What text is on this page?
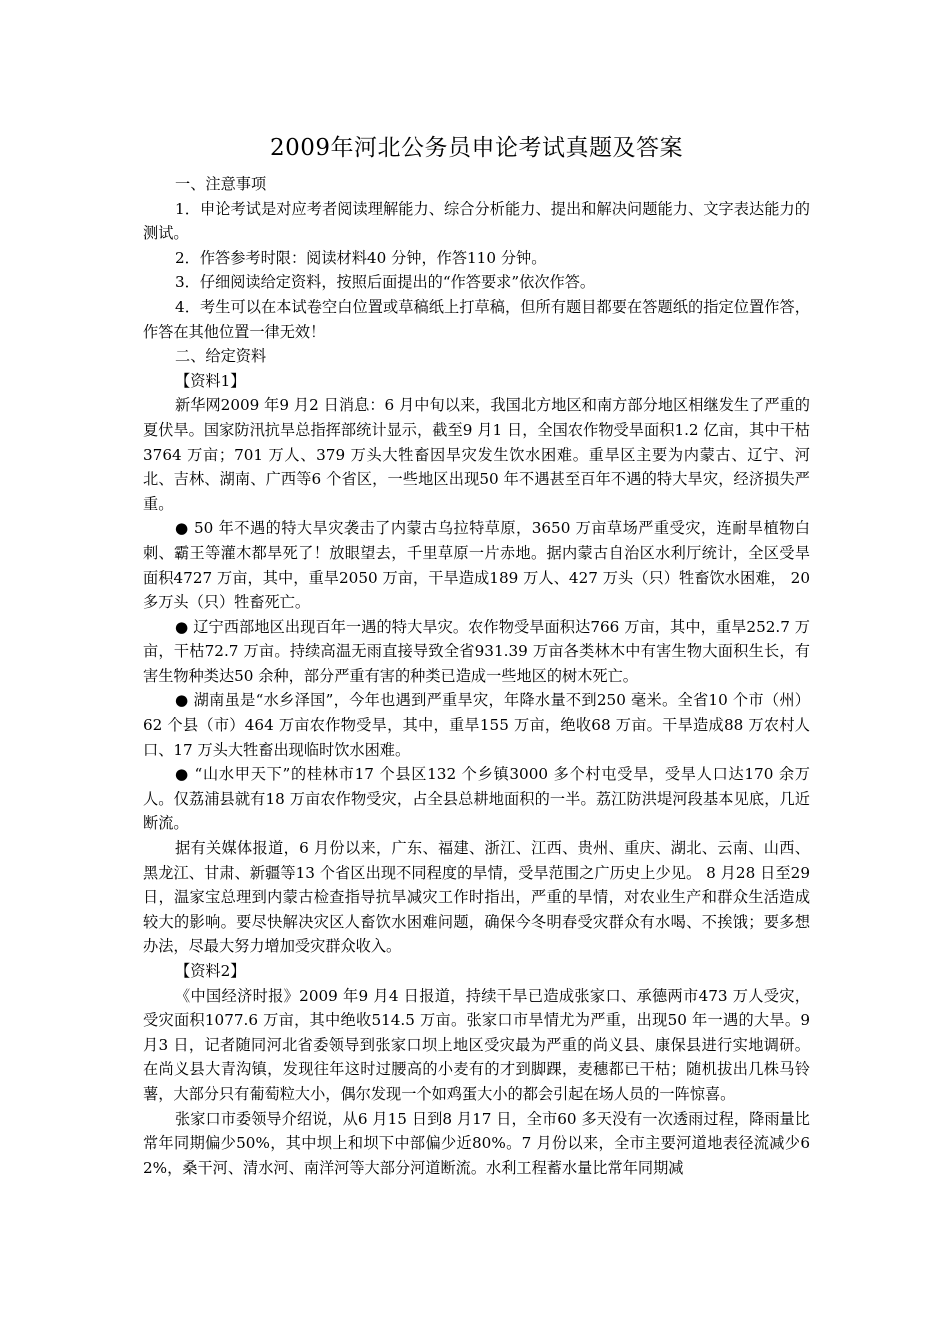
2009年河北公务员申论考试真题及答案

一、注意事项

1．申论考试是对应考者阅读理解能力、综合分析能力、提出和解决问题能力、文字表达能力的测试。

2．作答参考时限：阅读材料40 分钟，作答110 分钟。

3．仔细阅读给定资料，按照后面提出的“作答要求”依次作答。

4．考生可以在本试卷空白位置或草稿纸上打草稿，但所有题目都要在答题纸的指定位置作答，作答在其他位置一律无效！

二、给定资料

【资料1】

新华网2009 年9 月2 日消息：6 月中旬以来，我国北方地区和南方部分地区相继发生了严重的夏伏旱。国家防汛抗旱总指挥部统计显示，截至9 月1 日，全国农作物受旱面积1.2 亿亩，其中干枯3764 万亩；701 万人、379 万头大牲畜因旱灾发生饮水困难。重旱区主要为内蒙古、辽宁、河北、吉林、湖南、广西等6 个省区，一些地区出现50 年不遇甚至百年不遇的特大旱灾，经济损失严重。

● 50 年不遇的特大旱灾袭击了内蒙古乌拉特草原，3650 万亩草场严重受灾，连耐旱植物白刺、霸王等灌木都旱死了！放眼望去，千里草原一片赤地。据内蒙古自治区水利厅统计，全区受旱面积4727 万亩，其中，重旱2050 万亩，干旱造成189 万人、427 万头（只）牲畜饮水困难， 20 多万头（只）牲畜死亡。

● 辽宁西部地区出现百年一遇的特大旱灾。农作物受旱面积达766 万亩，其中，重旱252.7 万亩，干枯72.7 万亩。持续高温无雨直接导致全省931.39 万亩各类林木中有害生物大面积生长，有害生物种类达50 余种，部分严重有害的种类已造成一些地区的树木死亡。

● 湖南虽是“水乡泽国”，今年也遇到严重旱灾，年降水量不到250 毫米。全省10 个市（州） 62 个县（市）464 万亩农作物受旱，其中，重旱155 万亩，绝收68 万亩。干旱造成88 万农村人口、17 万头大牲畜出现临时饮水困难。

● “山水甲天下”的桂林市17 个县区132 个乡镇3000 多个村屯受旱，受旱人口达170 余万人。仅荔浦县就有18 万亩农作物受灾，占全县总耕地面积的一半。荔江防洪堤河段基本见底，几近断流。

据有关媒体报道，6 月份以来，广东、福建、浙江、江西、贵州、重庆、湖北、云南、山西、黑龙江、甘肃、新疆等13 个省区出现不同程度的旱情，受旱范围之广历史上少见。 8 月28 日至29 日，温家宝总理到内蒙古检查指导抗旱减灾工作时指出，严重的旱情，对农业生产和群众生活造成较大的影响。要尽快解决灾区人畜饮水困难问题，确保今冬明春受灾群众有水喝、不挨饿；要多想办法，尽最大努力增加受灾群众收入。

【资料2】

《中国经济时报》2009 年9 月4 日报道，持续干旱已造成张家口、承德两市473 万人受灾，受灾面积1077.6 万亩，其中绝收514.5 万亩。张家口市旱情尤为严重，出现50 年一遇的大旱。9 月3 日，记者随同河北省委领导到张家口坝上地区受灾最为严重的尚义县、康保县进行实地调研。在尚义县大青沟镇，发现往年这时过腰高的小麦有的才到脚踝，麦穗都已干枯；随机拔出几株马铃薯，大部分只有葡萄粒大小，偶尔发现一个如鸡蛋大小的都会引起在场人员的一阵惊喜。

张家口市委领导介绍说，从6 月15 日到8 月17 日，全市60 多天没有一次透雨过程，降雨量比常年同期偏少50%，其中坝上和坝下中部偏少近80%。7 月份以来，全市主要河道地表径流减少62%，桑干河、清水河、南洋河等大部分河道断流。水利工程蓄水量比常年同期减
